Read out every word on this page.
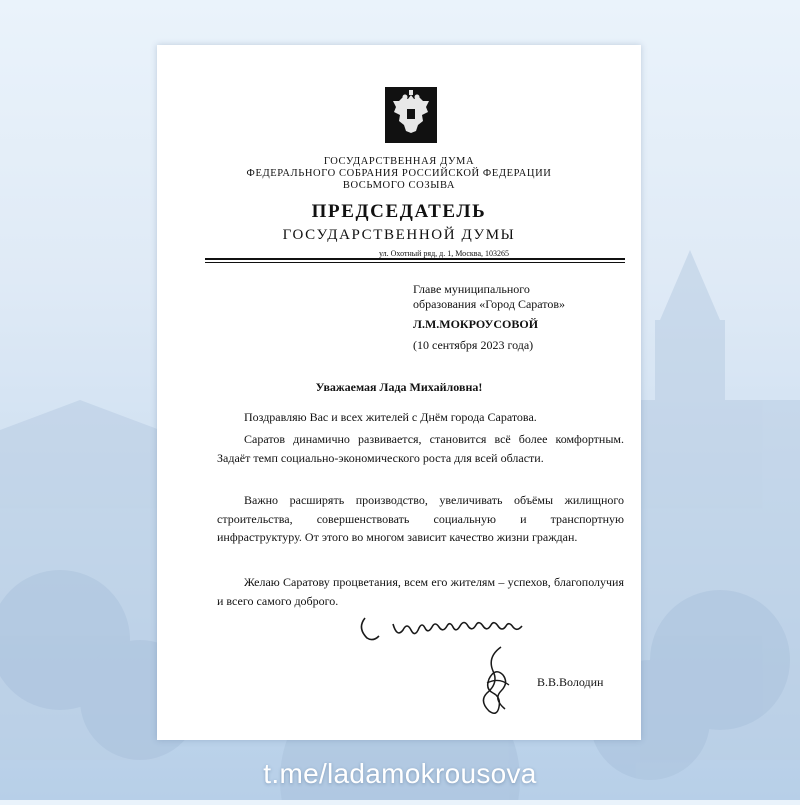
ГОСУДАРСТВЕННАЯ ДУМА
ФЕДЕРАЛЬНОГО СОБРАНИЯ РОССИЙСКОЙ ФЕДЕРАЦИИ
ВОСЬМОГО СОЗЫВА
ПРЕДСЕДАТЕЛЬ
ГОСУДАРСТВЕННОЙ ДУМЫ
ул. Охотный ряд, д. 1, Москва, 103265
Главе муниципального
образования «Город Саратов»
Л.М.МОКРОУСОВОЙ
(10 сентября 2023 года)
Уважаемая Лада Михайловна!
Поздравляю Вас и всех жителей с Днём города Саратова.
Саратов динамично развивается, становится всё более комфортным. Задаёт темп социально-экономического роста для всей области.
Важно расширять производство, увеличивать объёмы жилищного строительства, совершенствовать социальную и транспортную инфраструктуру. От этого во многом зависит качество жизни граждан.
Желаю Саратову процветания, всем его жителям – успехов, благополучия и всего самого доброго.
В.В.Володин
t.me/ladamokrousova
